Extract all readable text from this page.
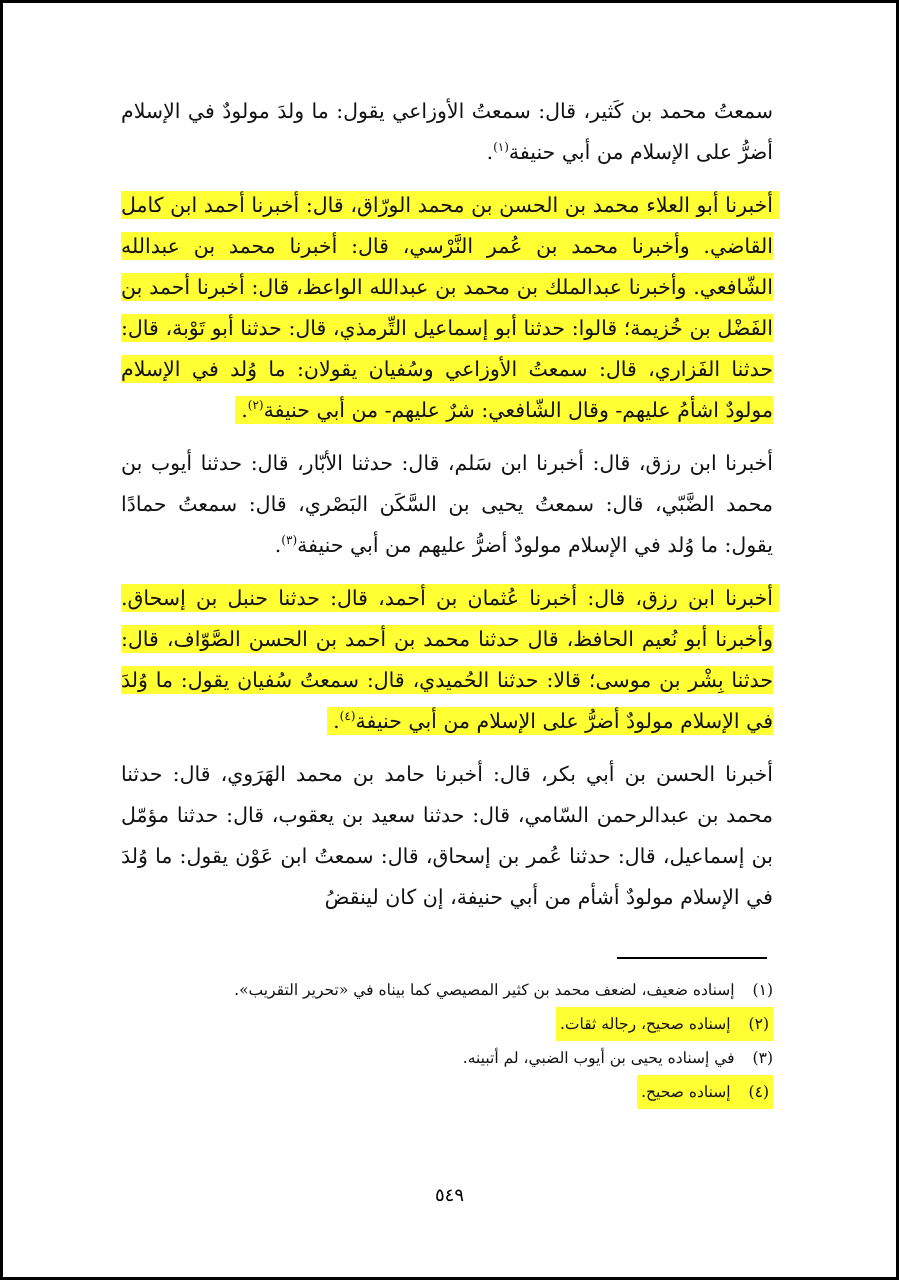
سمعتُ محمد بن كَثير، قال: سمعتُ الأوزاعي يقول: ما ولدَ مولودٌ في الإسلام أضرُّ على الإسلام من أبي حنيفة$^{(١)}$.

أخبرنا أبو العلاء محمد بن الحسن بن محمد الورّاق، قال: أخبرنا أحمد ابن كامل القاضي. وأخبرنا محمد بن عُمر النَّرْسي، قال: أخبرنا محمد بن عبدالله الشّافعي. وأخبرنا عبدالملك بن محمد بن عبدالله الواعظ، قال: أخبرنا أحمد بن الفَضْل بن خُزيمة؛ قالوا: حدثنا أبو إسماعيل التِّرمذي، قال: حدثنا أبو تَوْبة، قال: حدثنا الفَزاري، قال: سمعتُ الأوزاعي وسُفيان يقولان: ما وُلد في الإسلام مولودٌ اشأمُ عليهم- وقال الشّافعي: شرٌ عليهم- من أبي حنيفة$^{(٢)}$.

أخبرنا ابن رزق، قال: أخبرنا ابن سَلم، قال: حدثنا الأبّار، قال: حدثنا أيوب بن محمد الضَّبّي، قال: سمعتُ يحيى بن السَّكَن البَصْري، قال: سمعتُ حمادًا يقول: ما وُلد في الإسلام مولودٌ أضرُّ عليهم من أبي حنيفة$^{(٣)}$.

أخبرنا ابن رزق، قال: أخبرنا عُثمان بن أحمد، قال: حدثنا حنبل بن إسحاق. وأخبرنا أبو نُعيم الحافظ، قال حدثنا محمد بن أحمد بن الحسن الصَّوّاف، قال: حدثنا بِشْر بن موسى؛ قالا: حدثنا الحُميدي، قال: سمعتُ سُفيان يقول: ما وُلدَ في الإسلام مولودٌ أضرُّ على الإسلام من أبي حنيفة$^{(٤)}$.

أخبرنا الحسن بن أبي بكر، قال: أخبرنا حامد بن محمد الهَرَوي، قال: حدثنا محمد بن عبدالرحمن السّامي، قال: حدثنا سعيد بن يعقوب، قال: حدثنا مؤمّل بن إسماعيل، قال: حدثنا عُمر بن إسحاق، قال: سمعتُ ابن عَوْن يقول: ما وُلدَ في الإسلام مولودٌ أشأم من أبي حنيفة، إن كان لينقضُ

(١)
إسناده ضعيف، لضعف محمد بن كثير المصيصي كما بيناه في «تحرير التقريب».
(٢)
إسناده صحيح، رجاله ثقات.
(٣)
في إسناده يحيى بن أيوب الضبي، لم أتبينه.
(٤)
إسناده صحيح.
٥٤٩
